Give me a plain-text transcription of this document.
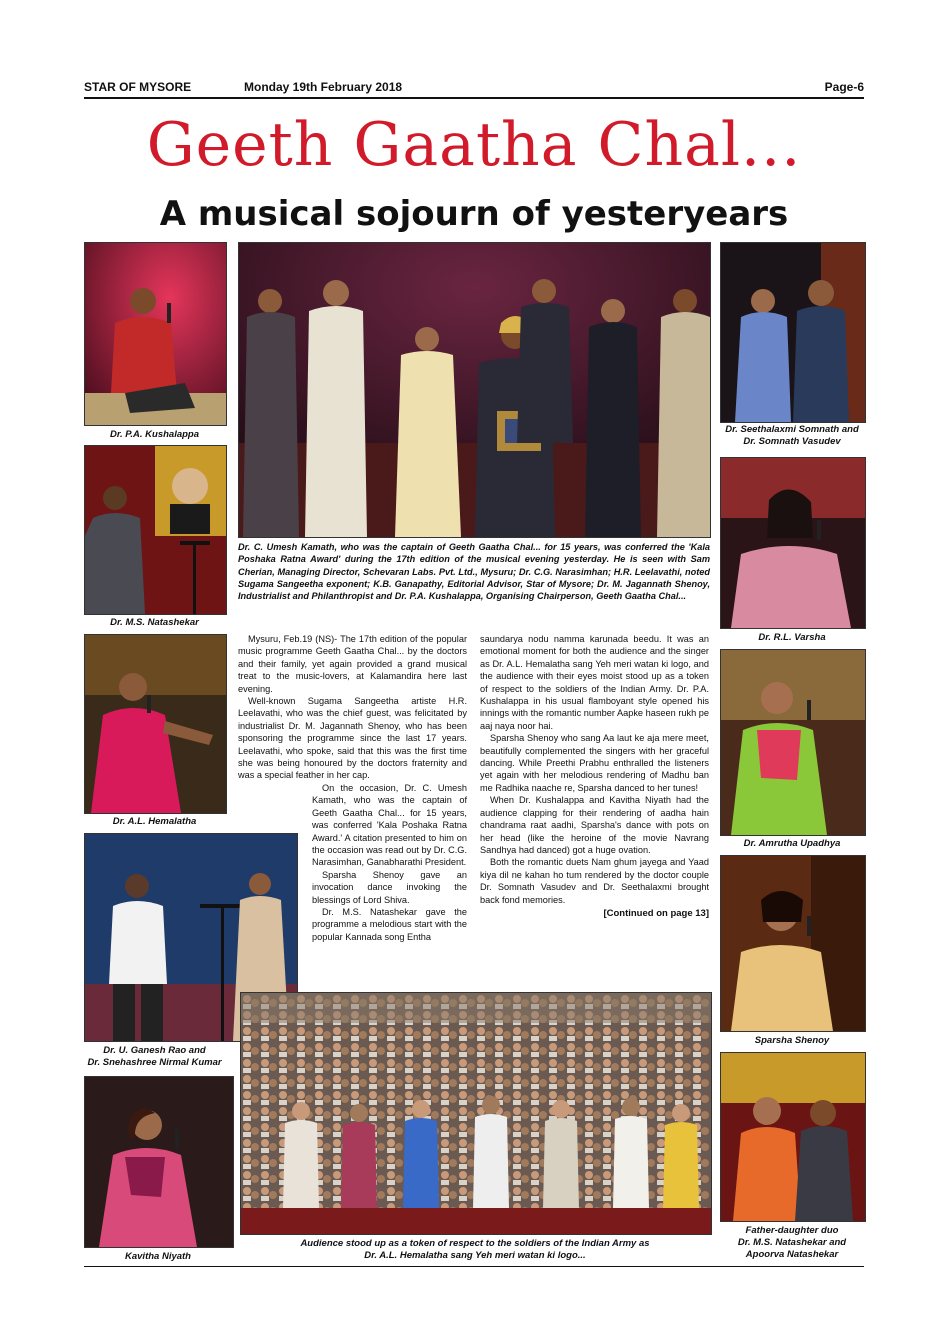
STAR OF MYSORE	Monday 19th February 2018	Page-6
Geeth Gaatha Chal...
A musical sojourn of yesteryears
Dr. P.A. Kushalappa
Dr. M.S. Natashekar
Dr. A.L. Hemalatha
Dr. U. Ganesh Rao and
Dr. Snehashree Nirmal Kumar
Kavitha Niyath
Dr. C. Umesh Kamath, who was the captain of Geeth Gaatha Chal... for 15 years, was conferred the 'Kala Poshaka Ratna Award' during the 17th edition of the musical evening yesterday. He is seen with Sam Cherian, Managing Director, Schevaran Labs. Pvt. Ltd., Mysuru; Dr. C.G. Narasimhan; H.R. Leelavathi, noted Sugama Sangeetha exponent; K.B. Ganapathy, Editorial Advisor, Star of Mysore; Dr. M. Jagannath Shenoy, Industrialist and Philanthropist and Dr. P.A. Kushalappa, Organising Chairperson, Geeth Gaatha Chal...
Dr. Seethalaxmi Somnath and
Dr. Somnath Vasudev
Dr. R.L. Varsha
Dr. Amrutha Upadhya
Sparsha Shenoy
Father-daughter duo
Dr. M.S. Natashekar and
Apoorva Natashekar

Mysuru, Feb.19 (NS)- The 17th edition of the popular music programme Geeth Gaatha Chal... by the doctors and their family, yet again provided a grand musical treat to the music-lovers, at Kalamandira here last evening.

Well-known Sugama Sangeetha artiste H.R. Leelavathi, who was the chief guest, was felicitated by industrialist Dr. M. Jagannath Shenoy, who has been sponsoring the programme since the last 17 years. Leelavathi, who spoke, said that this was the first time she was being honoured by the doctors fraternity and was a special feather in her cap.

On the occasion, Dr. C. Umesh Kamath, who was the captain of Geeth Gaatha Chal... for 15 years, was conferred 'Kala Poshaka Ratna Award.' A citation presented to him on the occasion was read out by Dr. C.G. Narasimhan, Ganabharathi President.

Sparsha Shenoy gave an invocation dance invoking the blessings of Lord Shiva.

Dr. M.S. Natashekar gave the programme a melodious start with the popular Kannada song Entha

saundarya nodu namma karunada beedu. It was an emotional moment for both the audience and the singer as Dr. A.L. Hemalatha sang Yeh meri watan ki logo, and the audience with their eyes moist stood up as a token of respect to the soldiers of the Indian Army. Dr. P.A. Kushalappa in his usual flamboyant style opened his innings with the romantic number Aapke haseen rukh pe aaj naya noor hai.

Sparsha Shenoy who sang Aa laut ke aja mere meet, beautifully complemented the singers with her graceful dancing. While Preethi Prabhu enthralled the listeners yet again with her melodious rendering of Madhu ban me Radhika naache re, Sparsha danced to her tunes!

When Dr. Kushalappa and Kavitha Niyath had the audience clapping for their rendering of aadha hain chandrama raat aadhi, Sparsha's dance with pots on her head (like the heroine of the movie Navrang Sandhya had danced) got a huge ovation.

Both the romantic duets Nam ghum jayega and Yaad kiya dil ne kahan ho tum rendered by the doctor couple Dr. Somnath Vasudev and Dr. Seethalaxmi brought back fond memories.

[Continued on page 13]
Audience stood up as a token of respect to the soldiers of the Indian Army as
Dr. A.L. Hemalatha sang Yeh meri watan ki logo...
